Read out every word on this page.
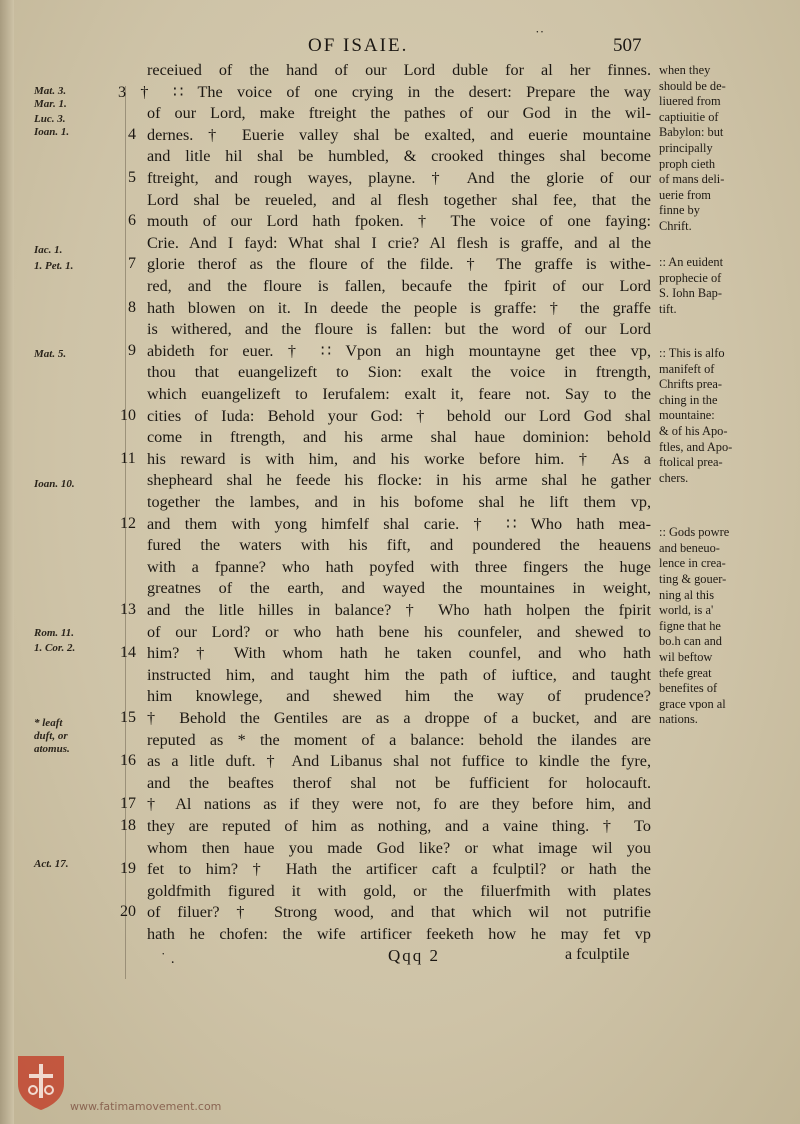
OF ISAIE.	˙˙	507
receiued of the hand of our Lord duble for al her finnes.
3 † ∷ The voice of one crying in the desert: Prepare the way
of our Lord, make ftreight the pathes of our God in the wil-
dernes. † Euerie valley shal be exalted, and euerie mountaine
and litle hil shal be humbled, & crooked thinges shal become
ftreight, and rough wayes, playne. † And the glorie of our
Lord shal be reueled, and al flesh together shal fee, that the
mouth of our Lord hath fpoken. † The voice of one faying:
Crie. And I fayd: What shal I crie? Al flesh is graffe, and al the
glorie therof as the floure of the filde. † The graffe is withe-
red, and the floure is fallen, becaufe the fpirit of our Lord
hath blowen on it. In deede the people is graffe: † the graffe
is withered, and the floure is fallen: but the word of our Lord
abideth for euer. † ∷ Vpon an high mountayne get thee vp,
thou that euangelizeft to Sion: exalt the voice in ftrength,
which euangelizeft to Ierufalem: exalt it, feare not. Say to the
cities of Iuda: Behold your God: † behold our Lord God shal
come in ftrength, and his arme shal haue dominion: behold
his reward is with him, and his worke before him. † As a
shepheard shal he feede his flocke: in his arme shal he gather
together the lambes, and in his bofome shal he lift them vp,
and them with yong himfelf shal carie. † ∷ Who hath mea-
fured the waters with his fift, and poundered the heauens
with a fpanne? who hath poyfed with three fingers the huge
greatnes of the earth, and wayed the mountaines in weight,
and the litle hilles in balance? † Who hath holpen the fpirit
of our Lord? or who hath bene his counfeler, and shewed to
him? † With whom hath he taken counfel, and who hath
instructed him, and taught him the path of iuftice, and taught
him knowlege, and shewed him the way of prudence?
† Behold the Gentiles are as a droppe of a bucket, and are
reputed as * the moment of a balance: behold the ilandes are
as a litle duft. † And Libanus shal not fuffice to kindle the fyre,
and the beaftes therof shal not be fufficient for holocauft.
† Al nations as if they were not, fo are they before him, and
they are reputed of him as nothing, and a vaine thing. † To
whom then haue you made God like? or what image wil you
fet to him? † Hath the artificer caft a fculptil? or hath the
goldfmith figured it with gold, or the filuerfmith with plates
of filuer? † Strong wood, and that which wil not putrifie
hath he chofen: the wife artificer feeketh how he may fet vp
4
5
6
7
8
9
10
11
12
13
14
15
16
17
18
19
20
Mat. 3.
Mar. 1.
Luc. 3.
Ioan. 1.
Iac. 1.
1. Pet. 1.
Mat. 5.
Ioan. 10.
Rom. 11.
1. Cor. 2.
* leaft
duft, or
atomus.
Act. 17.
when they
should be de-
liuered from
captiuitie of
Babylon: but
principally
proph cieth
of mans deli-
uerie from
finne by
Chrift.
:: An euident
prophecie of
S. Iohn Bap-
tift.
:: This is alfo
manifeft of
Chrifts prea-
ching in the
mountaine:
& of his Apo-
ftles, and Apo-
ftolical prea-
chers.
:: Gods powre
and beneuo-
lence in crea-
ting & gouer-
ning al this
world, is a'
figne that he
bo.h can and
wil beftow
thefe great
benefites of
grace vpon al
nations.
˙ .	Qqq 2	a fculptile
www.fatimamovement.com
